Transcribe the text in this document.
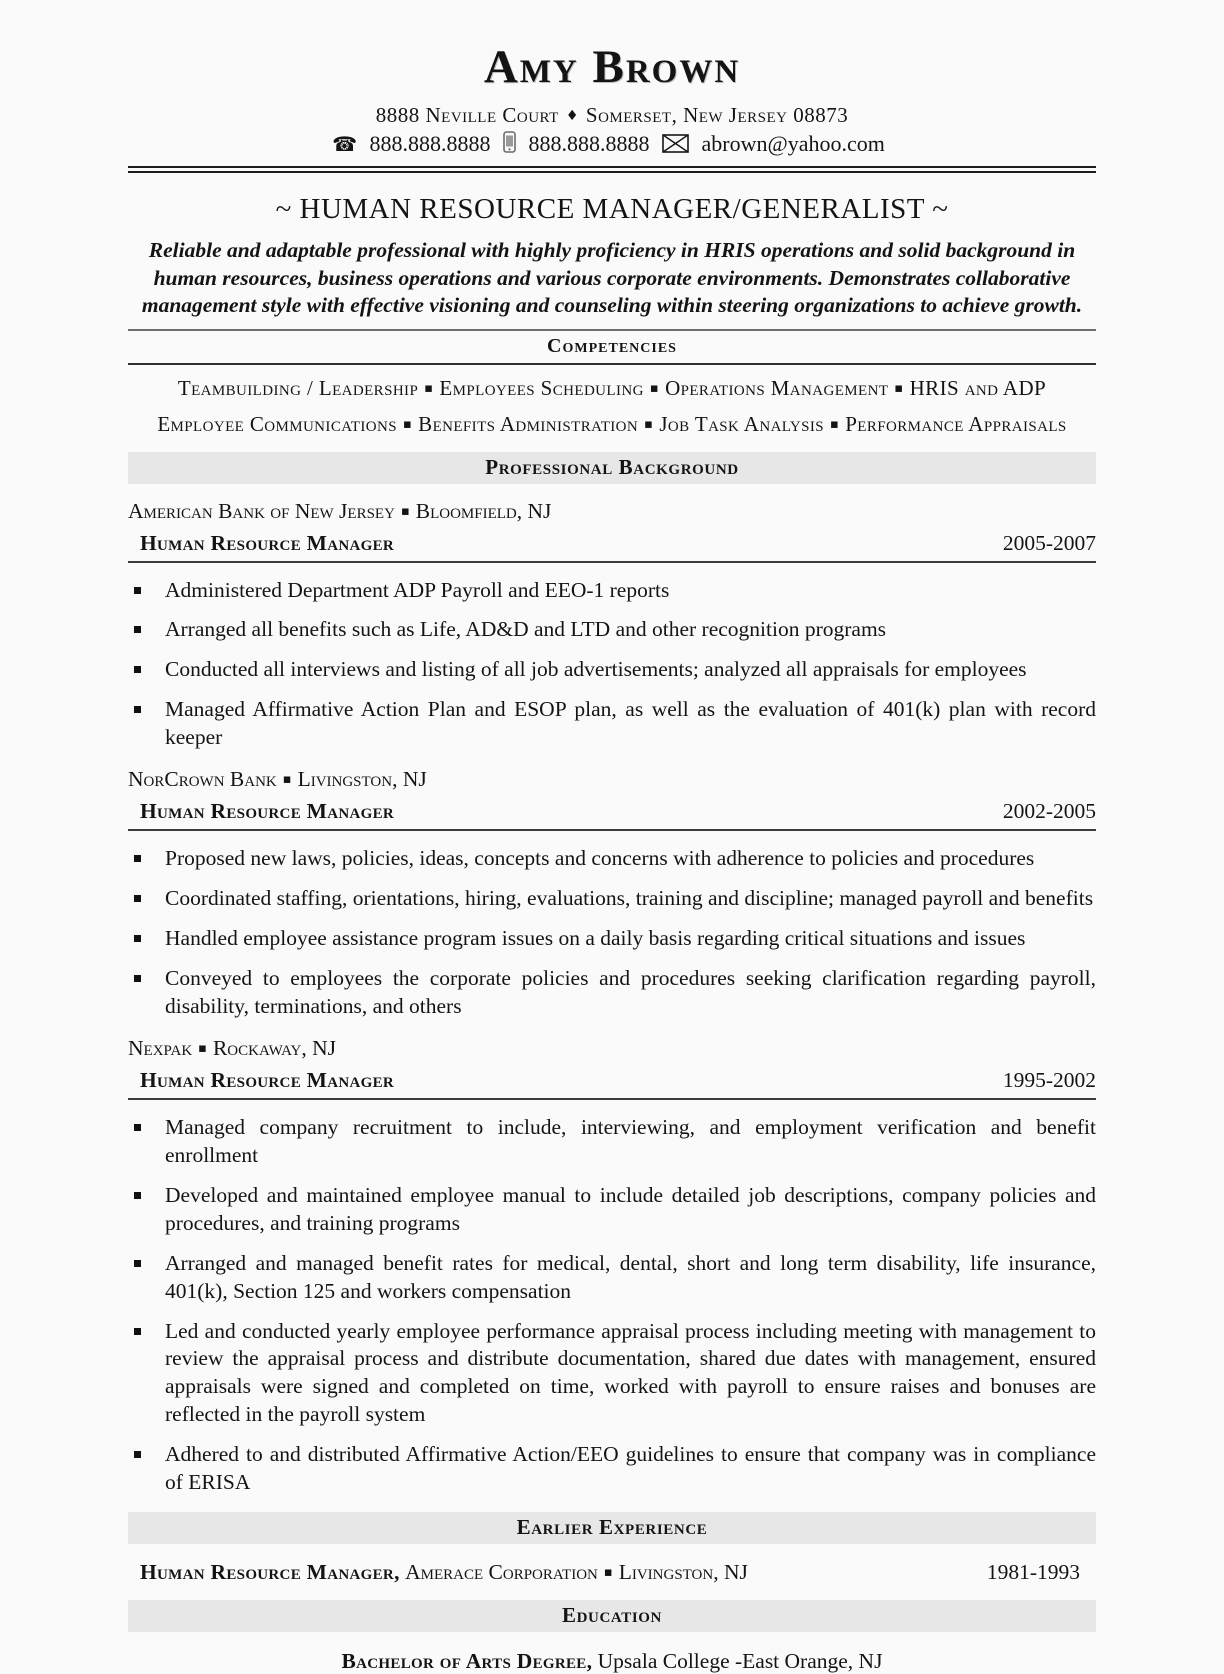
Amy Brown
8888 Neville Court ♦ Somerset, New Jersey 08873
☎ 888.888.8888 888.888.8888 abrown@yahoo.com
~ HUMAN RESOURCE MANAGER/GENERALIST ~

Reliable and adaptable professional with highly proficiency in HRIS operations and solid background in human resources, business operations and various corporate environments. Demonstrates collaborative management style with effective visioning and counseling within steering organizations to achieve growth.

Competencies
Teambuilding / Leadership ▪ Employees Scheduling ▪ Operations Management ▪ HRIS and ADP
Employee Communications ▪ Benefits Administration ▪ Job Task Analysis ▪ Performance Appraisals
Professional Background
American Bank of New Jersey ▪ Bloomfield, NJ
Human Resource Manager	2005-2007
Administered Department ADP Payroll and EEO-1 reports
Arranged all benefits such as Life, AD&D and LTD and other recognition programs
Conducted all interviews and listing of all job advertisements; analyzed all appraisals for employees
Managed Affirmative Action Plan and ESOP plan, as well as the evaluation of 401(k) plan with record keeper
NorCrown Bank ▪ Livingston, NJ
Human Resource Manager	2002-2005
Proposed new laws, policies, ideas, concepts and concerns with adherence to policies and procedures
Coordinated staffing, orientations, hiring, evaluations, training and discipline; managed payroll and benefits
Handled employee assistance program issues on a daily basis regarding critical situations and issues
Conveyed to employees the corporate policies and procedures seeking clarification regarding payroll, disability, terminations, and others
Nexpak ▪ Rockaway, NJ
Human Resource Manager	1995-2002
Managed company recruitment to include, interviewing, and employment verification and benefit enrollment
Developed and maintained employee manual to include detailed job descriptions, company policies and procedures, and training programs
Arranged and managed benefit rates for medical, dental, short and long term disability, life insurance, 401(k), Section 125 and workers compensation
Led and conducted yearly employee performance appraisal process including meeting with management to review the appraisal process and distribute documentation, shared due dates with management, ensured appraisals were signed and completed on time, worked with payroll to ensure raises and bonuses are reflected in the payroll system
Adhered to and distributed Affirmative Action/EEO guidelines to ensure that company was in compliance of ERISA
Earlier Experience
Human Resource Manager, Amerace Corporation ▪ Livingston, NJ	1981-1993
Education
Bachelor of Arts Degree, Upsala College -East Orange, NJ
